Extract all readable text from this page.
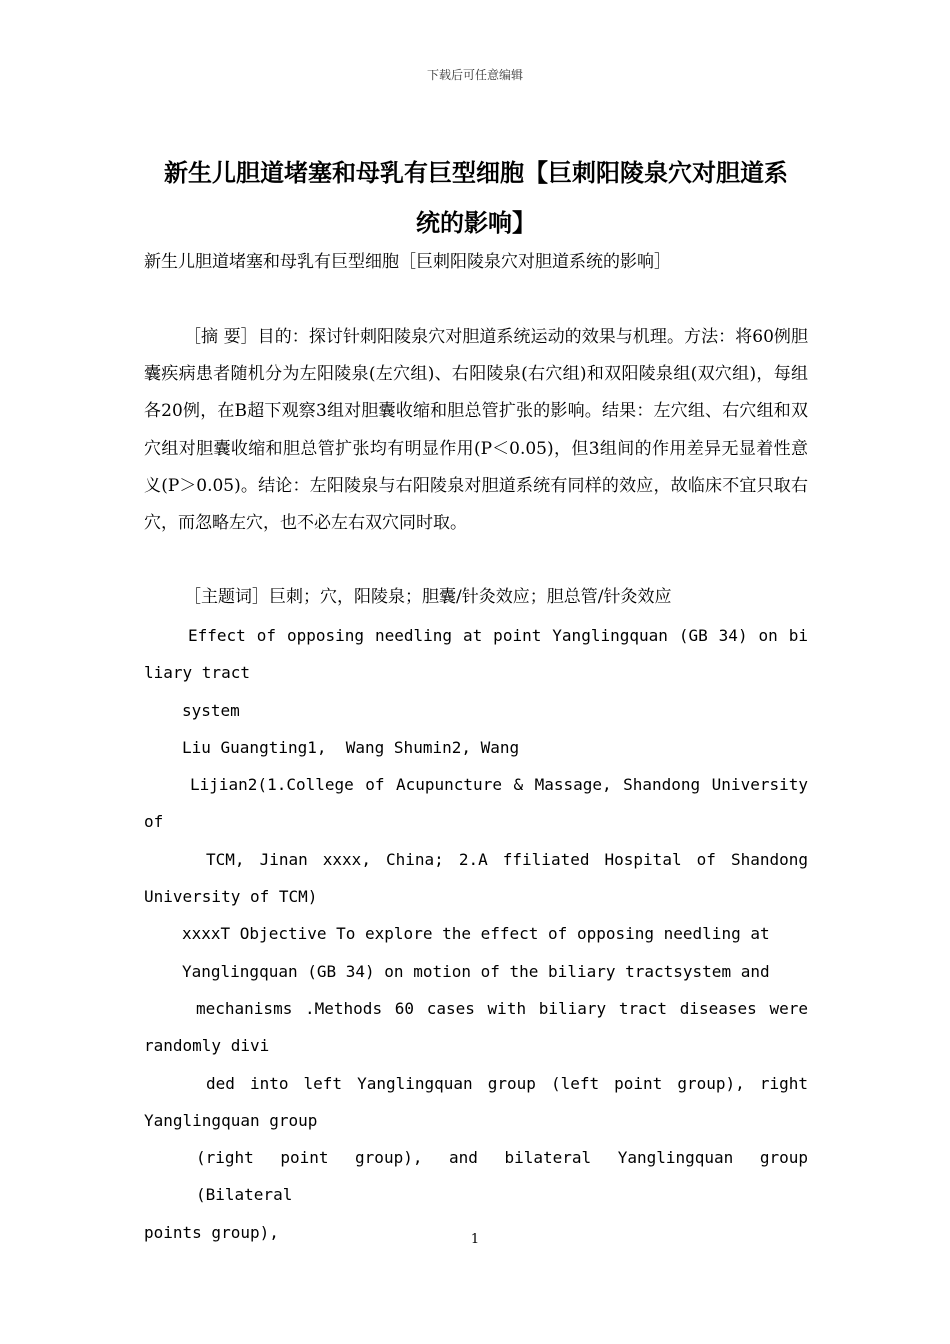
下载后可任意编辑
新生儿胆道堵塞和母乳有巨型细胞【巨刺阳陵泉穴对胆道系
统的影响】
新生儿胆道堵塞和母乳有巨型细胞［巨刺阳陵泉穴对胆道系统的影响］
［摘 要］目的：探讨针刺阳陵泉穴对胆道系统运动的效果与机理。方法：将60例胆囊疾病患者随机分为左阳陵泉(左穴组)、右阳陵泉(右穴组)和双阳陵泉组(双穴组)，每组各20例，在B超下观察3组对胆囊收缩和胆总管扩张的影响。结果：左穴组、右穴组和双穴组对胆囊收缩和胆总管扩张均有明显作用(P＜0.05)，但3组间的作用差异无显着性意义(P＞0.05)。结论：左阳陵泉与右阳陵泉对胆道系统有同样的效应，故临床不宜只取右穴，而忽略左穴，也不必左右双穴同时取。
［主题词］巨刺；穴，阳陵泉；胆囊/针灸效应；胆总管/针灸效应

Effect of opposing needling at point Yanglingquan (GB 34) on bi

liary tract

system

Liu Guangting1,  Wang Shumin2, Wang

Lijian2(1.College of Acupuncture & Massage, Shandong University

of

TCM, Jinan xxxx, China; 2.A ffiliated Hospital of Shandong

University of TCM)

xxxxT Objective To explore the effect of opposing needling at

Yanglingquan (GB 34) on motion of the biliary tractsystem and

mechanisms .Methods 60 cases with biliary tract diseases were

randomly divi

ded into left Yanglingquan group (left point group), right

Yanglingquan group

(right point group), and bilateral Yanglingquan group (Bilateral

points group),	1
